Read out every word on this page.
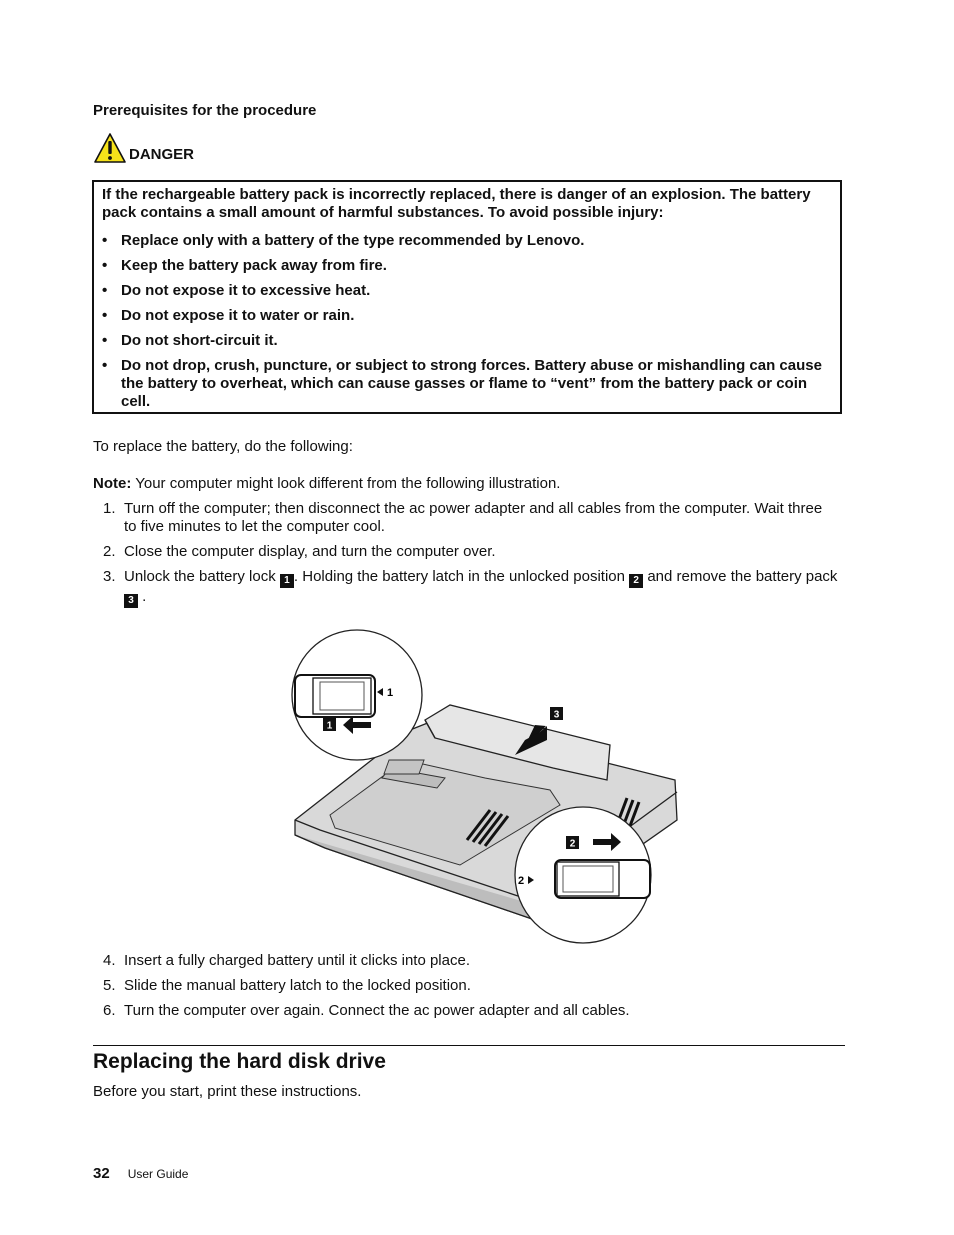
Prerequisites for the procedure
DANGER

If the rechargeable battery pack is incorrectly replaced, there is danger of an explosion. The battery pack contains a small amount of harmful substances. To avoid possible injury:

• Replace only with a battery of the type recommended by Lenovo.
• Keep the battery pack away from fire.
• Do not expose it to excessive heat.
• Do not expose it to water or rain.
• Do not short-circuit it.
• Do not drop, crush, puncture, or subject to strong forces. Battery abuse or mishandling can cause the battery to overheat, which can cause gasses or flame to “vent” from the battery pack or coin cell.
To replace the battery, do the following:
Note: Your computer might look different from the following illustration.
1. Turn off the computer; then disconnect the ac power adapter and all cables from the computer. Wait three to five minutes to let the computer cool.
2. Close the computer display, and turn the computer over.
3. Unlock the battery lock 1 . Holding the battery latch in the unlocked position 2 and remove the battery pack 3 .
1
1
2
2
3
4. Insert a fully charged battery until it clicks into place.
5. Slide the manual battery latch to the locked position.
6. Turn the computer over again. Connect the ac power adapter and all cables.
Replacing the hard disk drive
Before you start, print these instructions.
32 User Guide
